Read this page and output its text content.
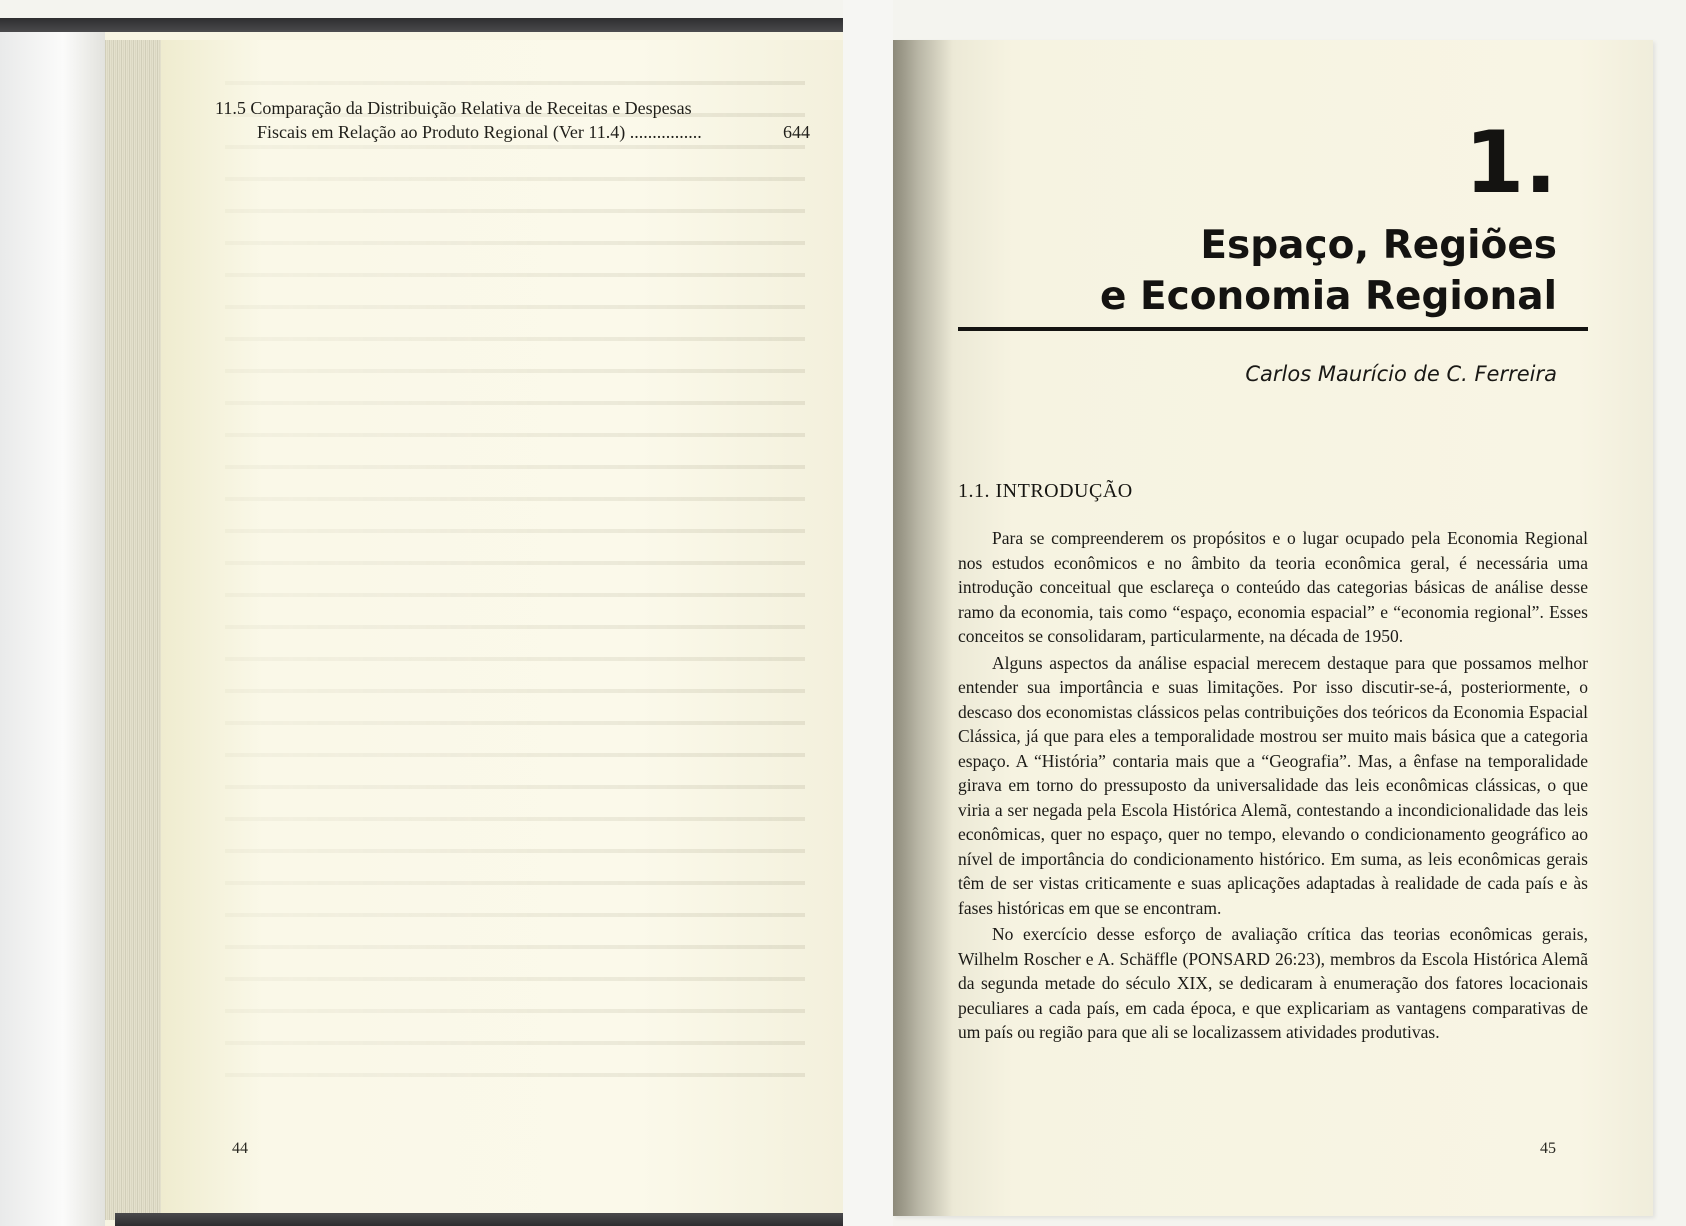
11.5 Comparação da Distribuição Relativa de Receitas e Despesas
Fiscais em Relação ao Produto Regional (Ver 11.4) ................	644
44
1.
Espaço, Regiões
e Economia Regional
Carlos Maurício de C. Ferreira
1.1. INTRODUÇÃO

Para se compreenderem os propósitos e o lugar ocupado pela Economia Regional nos estudos econômicos e no âmbito da teoria econômica geral, é necessária uma introdução conceitual que esclareça o conteúdo das categorias básicas de análise desse ramo da economia, tais como “espaço, economia espacial” e “economia regional”. Esses conceitos se consolidaram, particularmente, na década de 1950.

Alguns aspectos da análise espacial merecem destaque para que possamos melhor entender sua importância e suas limitações. Por isso discutir-se-á, posteriormente, o descaso dos economistas clássicos pelas contribuições dos teóricos da Economia Espacial Clássica, já que para eles a temporalidade mostrou ser muito mais básica que a categoria espaço. A “História” contaria mais que a “Geografia”. Mas, a ênfase na temporalidade girava em torno do pressuposto da universalidade das leis econômicas clássicas, o que viria a ser negada pela Escola Histórica Alemã, contestando a incondicionalidade das leis econômicas, quer no espaço, quer no tempo, elevando o condicionamento geográfico ao nível de importância do condicionamento histórico. Em suma, as leis econômicas gerais têm de ser vistas criticamente e suas aplicações adaptadas à realidade de cada país e às fases históricas em que se encontram.

No exercício desse esforço de avaliação crítica das teorias econômicas gerais, Wilhelm Roscher e A. Schäffle (PONSARD 26:23), membros da Escola Histórica Alemã da segunda metade do século XIX, se dedicaram à enumeração dos fatores locacionais peculiares a cada país, em cada época, e que explicariam as vantagens comparativas de um país ou região para que ali se localizassem atividades produtivas.

45
